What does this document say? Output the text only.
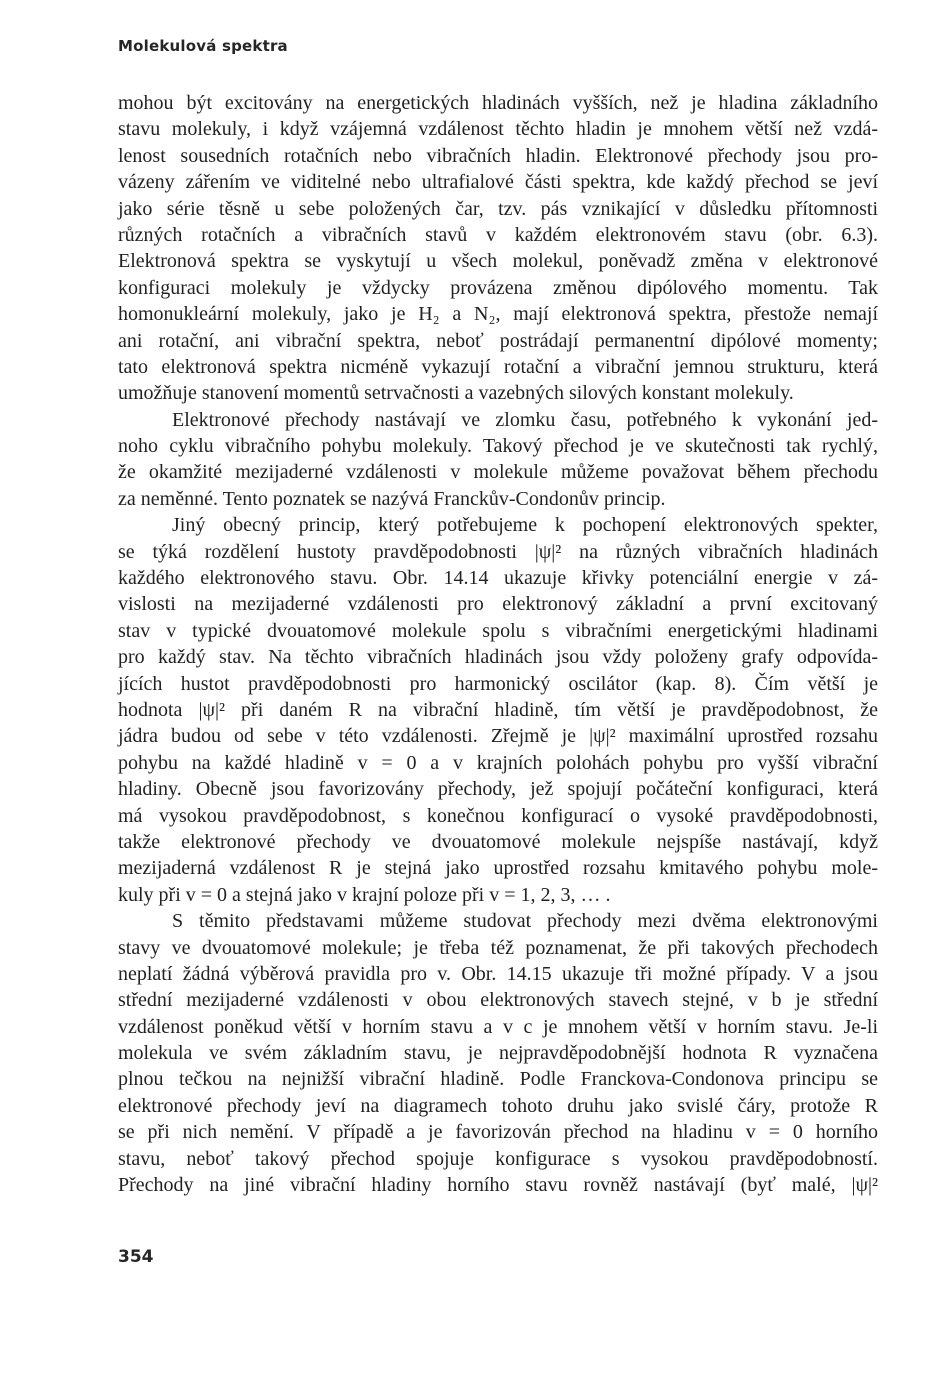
Molekulová spektra
mohou být excitovány na energetických hladinách vyšších, než je hladina základního
stavu molekuly, i když vzájemná vzdálenost těchto hladin je mnohem větší než vzdá-
lenost sousedních rotačních nebo vibračních hladin. Elektronové přechody jsou pro-
vázeny zářením ve viditelné nebo ultrafialové části spektra, kde každý přechod se jeví
jako série těsně u sebe položených čar, tzv. pás vznikající v důsledku přítomnosti
různých rotačních a vibračních stavů v každém elektronovém stavu (obr. 6.3).
Elektronová spektra se vyskytují u všech molekul, poněvadž změna v elektronové
konfiguraci molekuly je vždycky provázena změnou dipólového momentu. Tak
homonukleární molekuly, jako je H₂ a N₂, mají elektronová spektra, přestože nemají
ani rotační, ani vibrační spektra, neboť postrádají permanentní dipólové momenty;
tato elektronová spektra nicméně vykazují rotační a vibrační jemnou strukturu, která
umožňuje stanovení momentů setrvačnosti a vazebných silových konstant molekuly.
Elektronové přechody nastávají ve zlomku času, potřebného k vykonání jed-
noho cyklu vibračního pohybu molekuly. Takový přechod je ve skutečnosti tak rychlý,
že okamžité mezijaderné vzdálenosti v molekule můžeme považovat během přechodu
za neměnné. Tento poznatek se nazývá Franckův-Condonův princip.
Jiný obecný princip, který potřebujeme k pochopení elektronových spekter,
se týká rozdělení hustoty pravděpodobnosti |ψ|² na různých vibračních hladinách
každého elektronového stavu. Obr. 14.14 ukazuje křivky potenciální energie v zá-
vislosti na mezijaderné vzdálenosti pro elektronový základní a první excitovaný
stav v typické dvouatomové molekule spolu s vibračními energetickými hladinami
pro každý stav. Na těchto vibračních hladinách jsou vždy položeny grafy odpovída-
jících hustot pravděpodobnosti pro harmonický oscilátor (kap. 8). Čím větší je
hodnota |ψ|² při daném R na vibrační hladině, tím větší je pravděpodobnost, že
jádra budou od sebe v této vzdálenosti. Zřejmě je |ψ|² maximální uprostřed rozsahu
pohybu na každé hladině v = 0 a v krajních polohách pohybu pro vyšší vibrační
hladiny. Obecně jsou favorizovány přechody, jež spojují počáteční konfiguraci, která
má vysokou pravděpodobnost, s konečnou konfigurací o vysoké pravděpodobnosti,
takže elektronové přechody ve dvouatomové molekule nejspíše nastávají, když
mezijaderná vzdálenost R je stejná jako uprostřed rozsahu kmitavého pohybu mole-
kuly při v = 0 a stejná jako v krajní poloze při v = 1, 2, 3, … .
S těmito představami můžeme studovat přechody mezi dvěma elektronovými
stavy ve dvouatomové molekule; je třeba též poznamenat, že při takových přechodech
neplatí žádná výběrová pravidla pro v. Obr. 14.15 ukazuje tři možné případy. V a jsou
střední mezijaderné vzdálenosti v obou elektronových stavech stejné, v b je střední
vzdálenost poněkud větší v horním stavu a v c je mnohem větší v horním stavu. Je-li
molekula ve svém základním stavu, je nejpravděpodobnější hodnota R vyznačena
plnou tečkou na nejnižší vibrační hladině. Podle Franckova-Condonova principu se
elektronové přechody jeví na diagramech tohoto druhu jako svislé čáry, protože R
se při nich nemění. V případě a je favorizován přechod na hladinu v = 0 horního
stavu, neboť takový přechod spojuje konfigurace s vysokou pravděpodobností.
Přechody na jiné vibrační hladiny horního stavu rovněž nastávají (byť malé, |ψ|²
354
